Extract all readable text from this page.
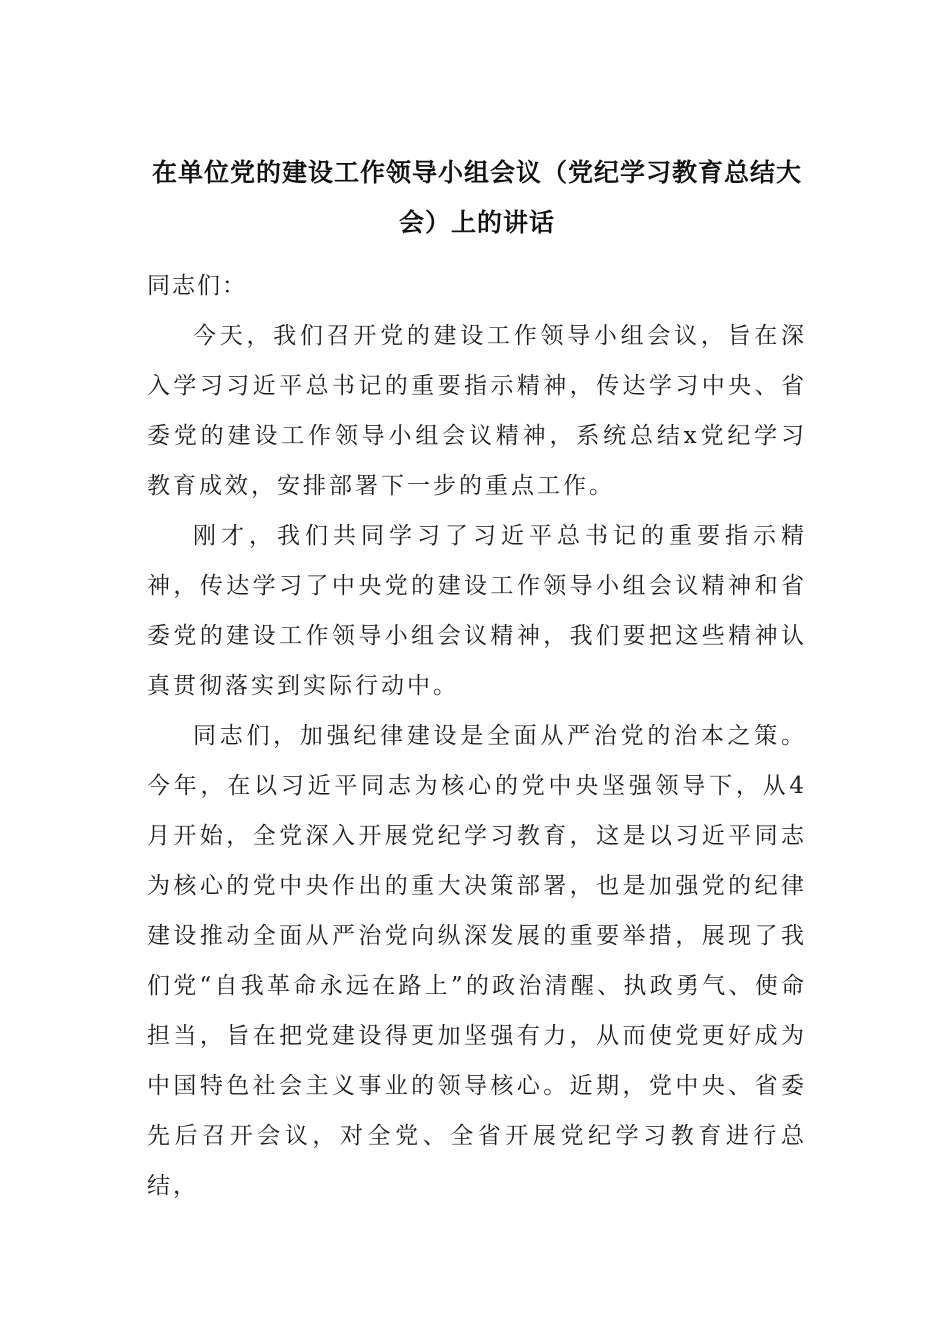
在单位党的建设工作领导小组会议（党纪学习教育总结大会）上的讲话

同志们：

今天，我们召开党的建设工作领导小组会议，旨在深入学习习近平总书记的重要指示精神，传达学习中央、省委党的建设工作领导小组会议精神，系统总结x党纪学习教育成效，安排部署下一步的重点工作。

刚才，我们共同学习了习近平总书记的重要指示精神，传达学习了中央党的建设工作领导小组会议精神和省委党的建设工作领导小组会议精神，我们要把这些精神认真贯彻落实到实际行动中。

同志们，加强纪律建设是全面从严治党的治本之策。今年，在以习近平同志为核心的党中央坚强领导下，从4月开始，全党深入开展党纪学习教育，这是以习近平同志为核心的党中央作出的重大决策部署，也是加强党的纪律建设推动全面从严治党向纵深发展的重要举措，展现了我们党“自我革命永远在路上”的政治清醒、执政勇气、使命担当，旨在把党建设得更加坚强有力，从而使党更好成为中国特色社会主义事业的领导核心。近期，党中央、省委先后召开会议，对全党、全省开展党纪学习教育进行总结，
